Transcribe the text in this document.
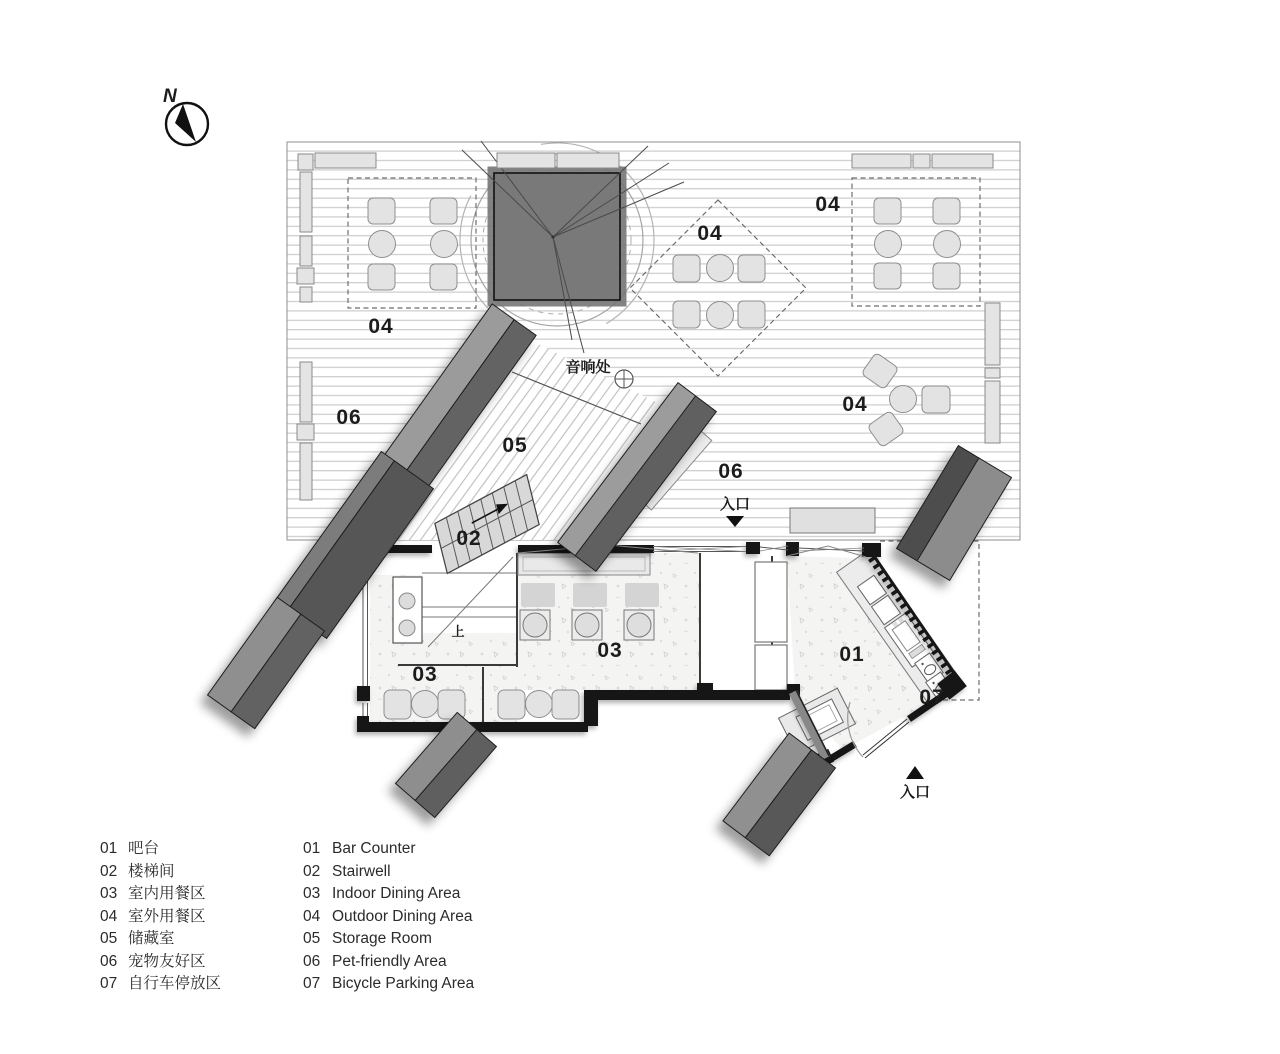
04
04
04
04
05
06
06
02
03
03	01
07
音响处
入口
入口
上
N
01 吧台	01 Bar Counter
02 楼梯间	02 Stairwell
03 室内用餐区	03 Indoor Dining Area
04 室外用餐区	04 Outdoor Dining Area
05 储藏室	05 Storage Room
06 宠物友好区	06 Pet-friendly Area
07 自行车停放区	07 Bicycle Parking Area
